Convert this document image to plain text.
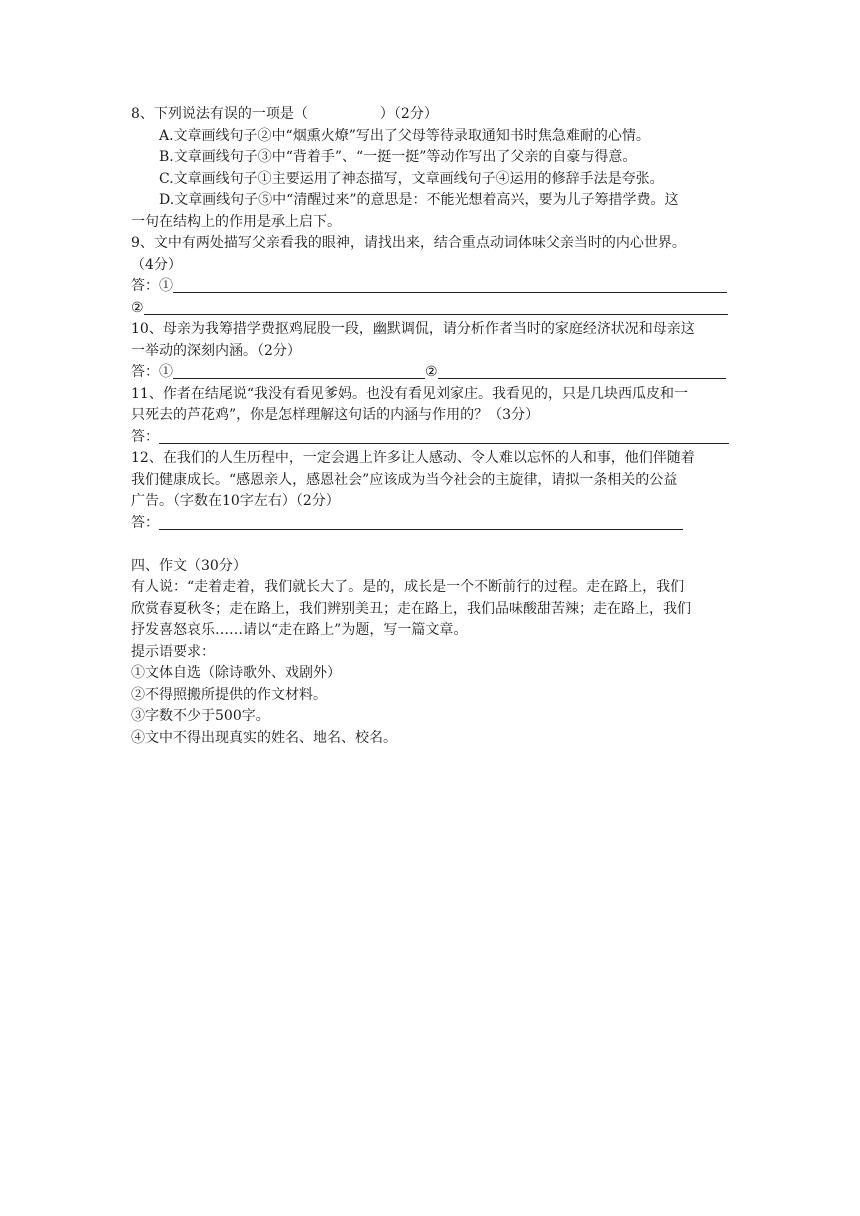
8、下列说法有误的一项是（	）（2分）
A.文章画线句子②中“烟熏火燎”写出了父母等待录取通知书时焦急难耐的心情。
B.文章画线句子③中“背着手”、“一挺一挺”等动作写出了父亲的自豪与得意。
C.文章画线句子①主要运用了神态描写，文章画线句子④运用的修辞手法是夸张。
D.文章画线句子⑤中“清醒过来”的意思是：不能光想着高兴，要为儿子筹措学费。这
一句在结构上的作用是承上启下。
9、文中有两处描写父亲看我的眼神，请找出来，结合重点动词体味父亲当时的内心世界。
（4分）
答：①
②
10、母亲为我筹措学费抠鸡屁股一段，幽默调侃，请分析作者当时的家庭经济状况和母亲这
一举动的深刻内涵。（2分）
答：①	②
11、作者在结尾说“我没有看见爹妈。也没有看见刘家庄。我看见的，只是几块西瓜皮和一
只死去的芦花鸡”，你是怎样理解这句话的内涵与作用的？（3分）
答：
12、在我们的人生历程中，一定会遇上许多让人感动、令人难以忘怀的人和事，他们伴随着
我们健康成长。“感恩亲人，感恩社会”应该成为当今社会的主旋律，请拟一条相关的公益
广告。（字数在10字左右）（2分）
答：
四、作文（30分）
有人说：“走着走着，我们就长大了。是的，成长是一个不断前行的过程。走在路上，我们
欣赏春夏秋冬；走在路上，我们辨别美丑；走在路上，我们品味酸甜苦辣；走在路上，我们
抒发喜怒哀乐……请以“走在路上”为题，写一篇文章。
提示语要求：
①文体自选（除诗歌外、戏剧外）
②不得照搬所提供的作文材料。
③字数不少于500字。
④文中不得出现真实的姓名、地名、校名。
